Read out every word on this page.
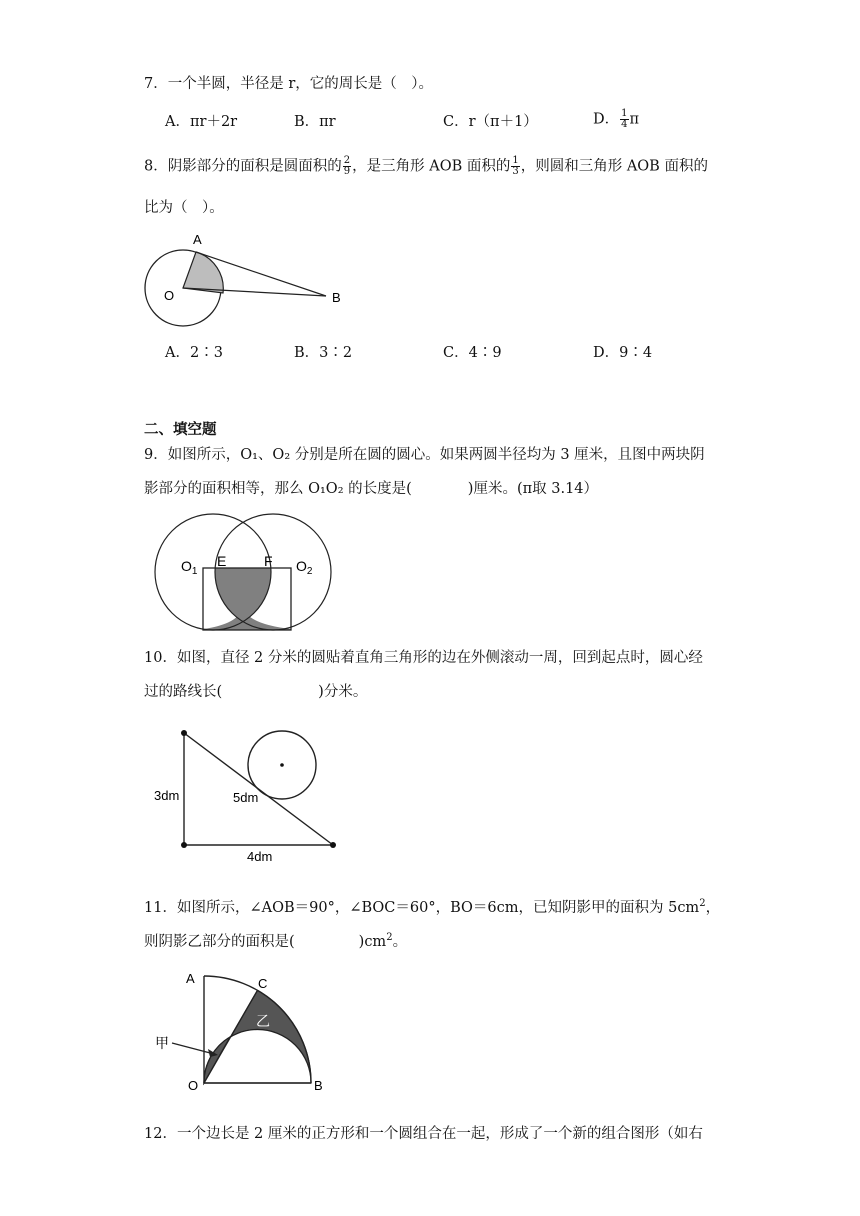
7．一个半圆，半径是 r，它的周长是（　）。
A．πr＋2r	B．πr	C．r（π＋1）	D． $\frac{1}{4}$ π
8．阴影部分的面积是圆面积的 $\frac{2}{9}$ ，是三角形 AOB 面积的 $\frac{1}{3}$ ，则圆和三角形 AOB 面积的
比为（　）。
A
O	B
A．2∶3	B．3∶2	C．4∶9	D．9∶4
二、填空题
9．如图所示，O₁、O₂ 分别是所在圆的圆心。如果两圆半径均为 3 厘米，且图中两块阴
影部分的面积相等，那么 O₁O₂ 的长度是(	)厘米。(π取 3.14）
$O_1$
E	F $O_2$
10．如图，直径 2 分米的圆贴着直角三角形的边在外侧滚动一周，回到起点时，圆心经
过的路线长(	)分米。
3dm	5dm
4dm
11．如图所示，∠AOB＝90°，∠BOC＝60°，BO＝6cm，已知阴影甲的面积为 $5cm^2$，
则阴影乙部分的面积是(	)$cm^2$。
A	C
乙
甲
O	B
12．一个边长是 2 厘米的正方形和一个圆组合在一起，形成了一个新的组合图形（如右
